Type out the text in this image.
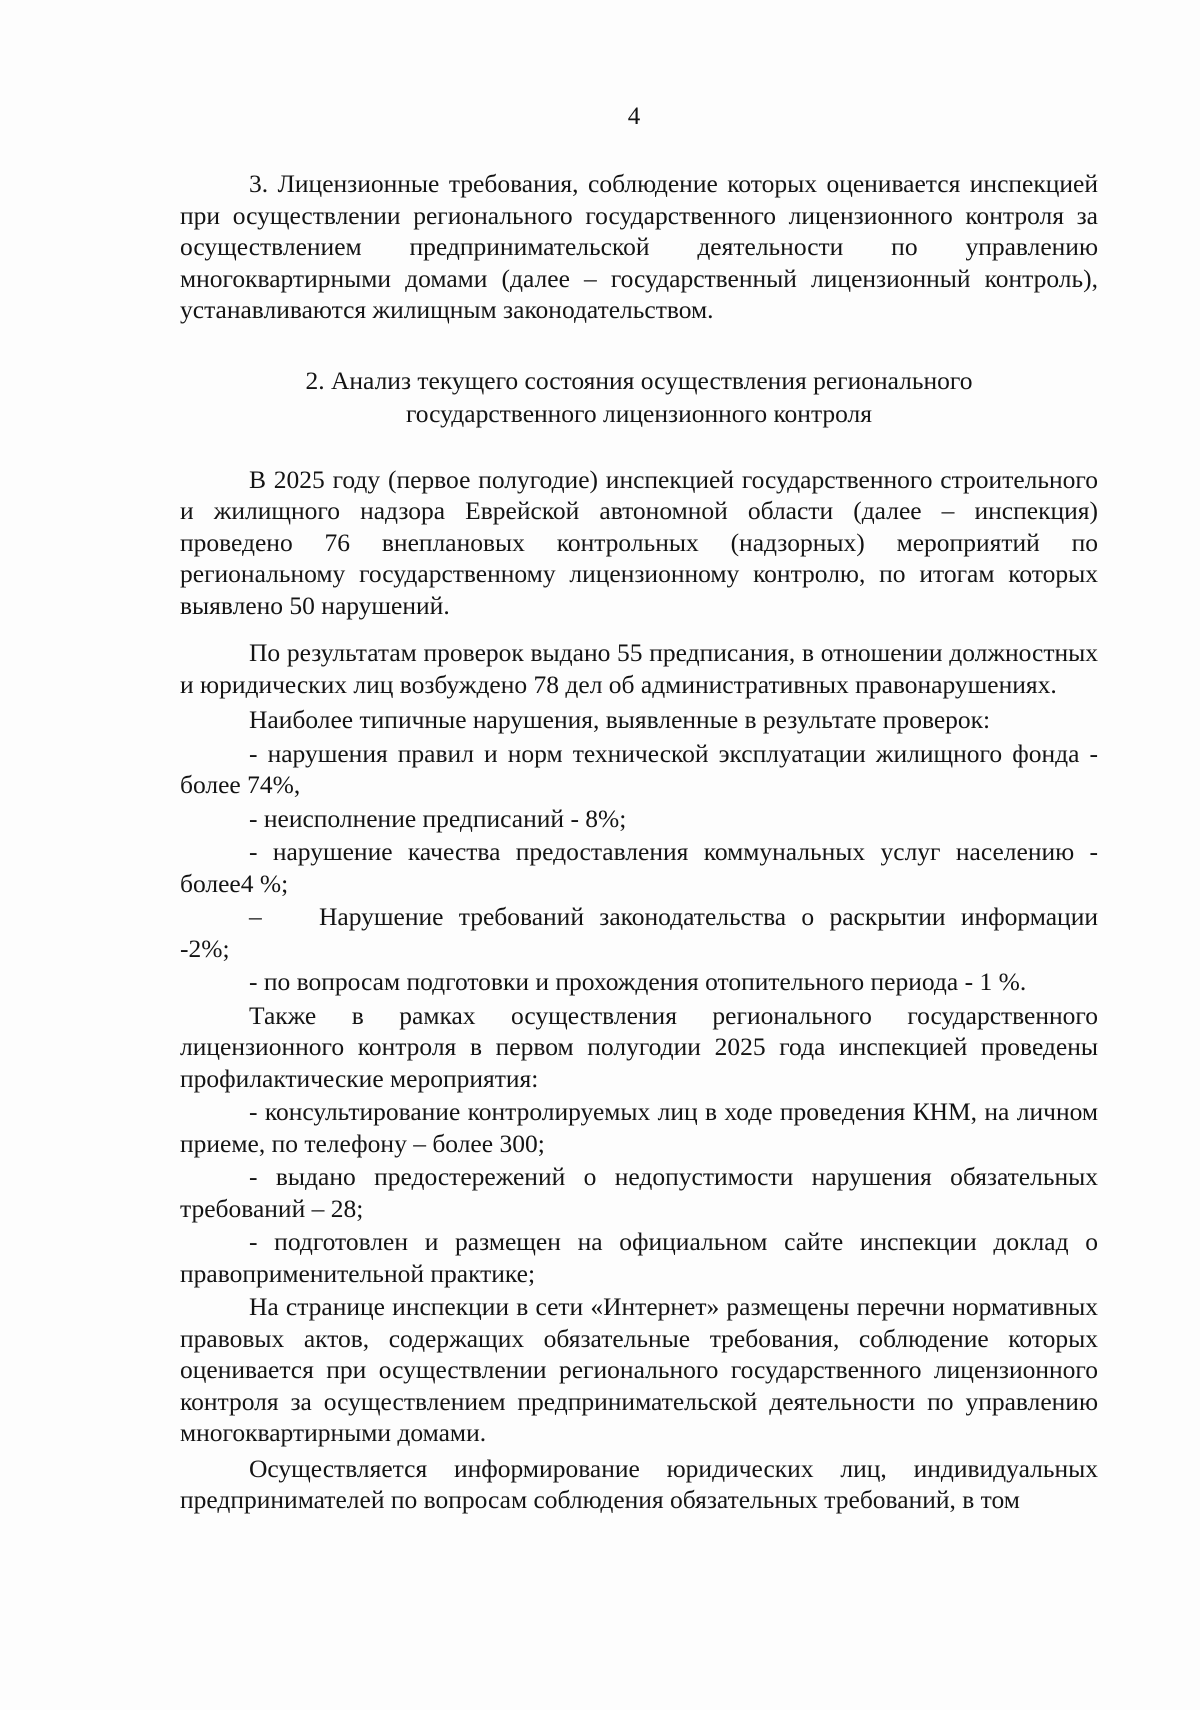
4

3. Лицензионные требования, соблюдение которых оценивается инспекцией при осуществлении регионального государственного лицензионного контроля за осуществлением предпринимательской деятельности по управлению многоквартирными домами (далее – государственный лицензионный контроль), устанавливаются жилищным законодательством.

2. Анализ текущего состояния осуществления регионального
государственного лицензионного контроля

В 2025 году (первое полугодие) инспекцией государственного строительного и жилищного надзора Еврейской автономной области (далее – инспекция) проведено 76 внеплановых контрольных (надзорных) мероприятий по региональному государственному лицензионному контролю, по итогам которых выявлено 50 нарушений.

По результатам проверок выдано 55 предписания, в отношении должностных и юридических лиц возбуждено 78 дел об административных правонарушениях.

Наиболее типичные нарушения, выявленные в результате проверок:

- нарушения правил и норм технической эксплуатации жилищного фонда - более 74%,

- неисполнение предписаний - 8%;

- нарушение качества предоставления коммунальных услуг населению - более4 %;

– Нарушение требований законодательства о раскрытии информации -2%;

- по вопросам подготовки и прохождения отопительного периода - 1 %.

Также в рамках осуществления регионального государственного лицензионного контроля в первом полугодии 2025 года инспекцией проведены профилактические мероприятия:

- консультирование контролируемых лиц в ходе проведения КНМ, на личном приеме, по телефону – более 300;

- выдано предостережений о недопустимости нарушения обязательных требований – 28;

- подготовлен и размещен на официальном сайте инспекции доклад о правоприменительной практике;

На странице инспекции в сети «Интернет» размещены перечни нормативных правовых актов, содержащих обязательные требования, соблюдение которых оценивается при осуществлении регионального государственного лицензионного контроля за осуществлением предпринимательской деятельности по управлению многоквартирными домами.

Осуществляется информирование юридических лиц, индивидуальных предпринимателей по вопросам соблюдения обязательных требований, в том
